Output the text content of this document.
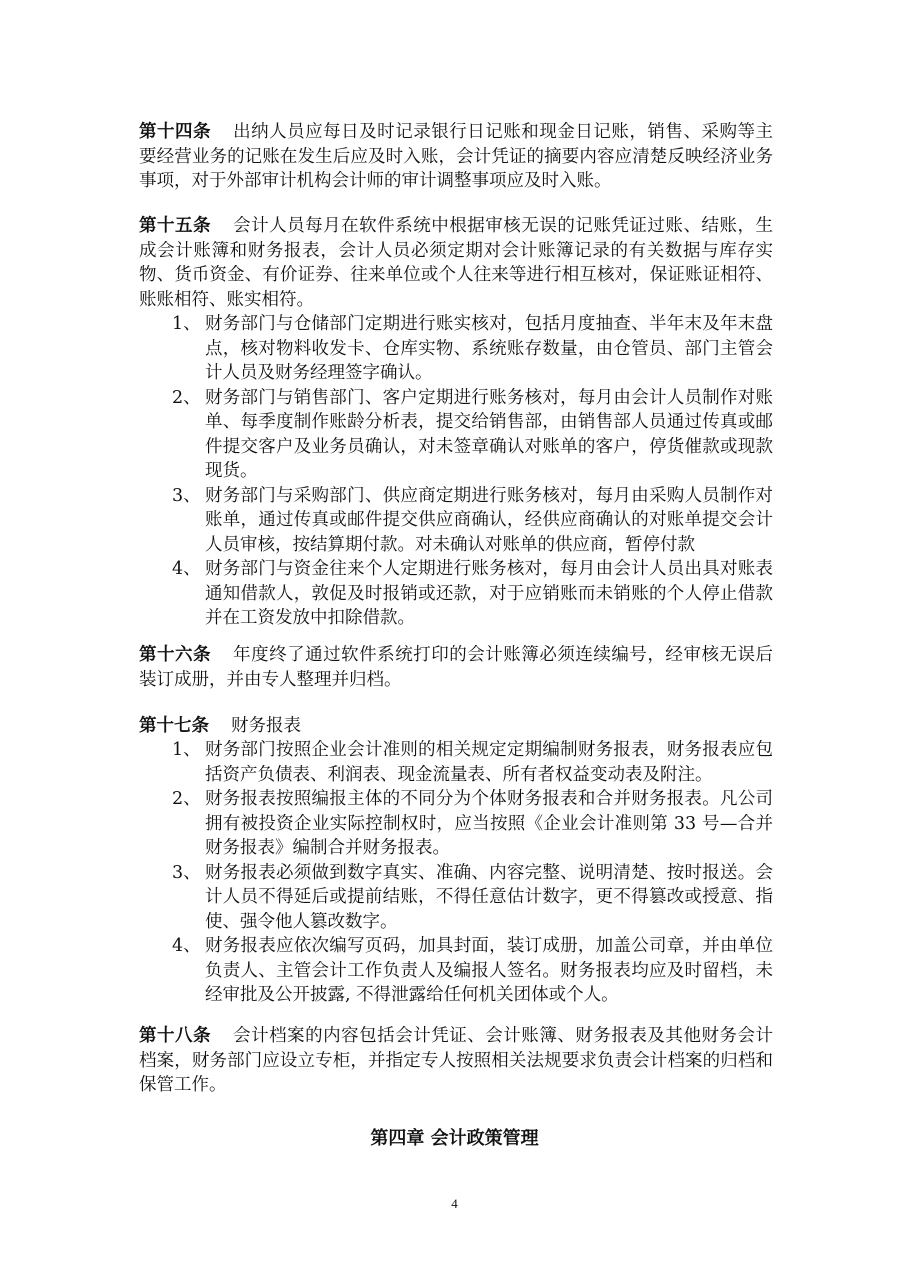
第十四条 出纳人员应每日及时记录银行日记账和现金日记账，销售、采购等主要经营业务的记账在发生后应及时入账，会计凭证的摘要内容应清楚反映经济业务事项，对于外部审计机构会计师的审计调整事项应及时入账。

第十五条 会计人员每月在软件系统中根据审核无误的记账凭证过账、结账，生成会计账簿和财务报表，会计人员必须定期对会计账簿记录的有关数据与库存实物、货币资金、有价证券、往来单位或个人往来等进行相互核对，保证账证相符、账账相符、账实相符。

1、 财务部门与仓储部门定期进行账实核对，包括月度抽查、半年末及年末盘点，核对物料收发卡、仓库实物、系统账存数量，由仓管员、部门主管会计人员及财务经理签字确认。
2、 财务部门与销售部门、客户定期进行账务核对，每月由会计人员制作对账单、每季度制作账龄分析表，提交给销售部，由销售部人员通过传真或邮件提交客户及业务员确认，对未签章确认对账单的客户，停货催款或现款现货。
3、 财务部门与采购部门、供应商定期进行账务核对，每月由采购人员制作对账单，通过传真或邮件提交供应商确认，经供应商确认的对账单提交会计人员审核，按结算期付款。对未确认对账单的供应商，暂停付款
4、 财务部门与资金往来个人定期进行账务核对，每月由会计人员出具对账表通知借款人，敦促及时报销或还款，对于应销账而未销账的个人停止借款并在工资发放中扣除借款。

第十六条 年度终了通过软件系统打印的会计账簿必须连续编号，经审核无误后装订成册，并由专人整理并归档。

第十七条 财务报表

1、 财务部门按照企业会计准则的相关规定定期编制财务报表，财务报表应包括资产负债表、利润表、现金流量表、所有者权益变动表及附注。
2、 财务报表按照编报主体的不同分为个体财务报表和合并财务报表。凡公司拥有被投资企业实际控制权时，应当按照《企业会计准则第 33 号—合并财务报表》编制合并财务报表。
3、 财务报表必须做到数字真实、准确、内容完整、说明清楚、按时报送。会计人员不得延后或提前结账，不得任意估计数字，更不得篡改或授意、指使、强令他人篡改数字。
4、 财务报表应依次编写页码，加具封面，装订成册，加盖公司章，并由单位负责人、主管会计工作负责人及编报人签名。财务报表均应及时留档，未经审批及公开披露, 不得泄露给任何机关团体或个人。

第十八条 会计档案的内容包括会计凭证、会计账簿、财务报表及其他财务会计档案，财务部门应设立专柜，并指定专人按照相关法规要求负责会计档案的归档和保管工作。

第四章 会计政策管理
4
